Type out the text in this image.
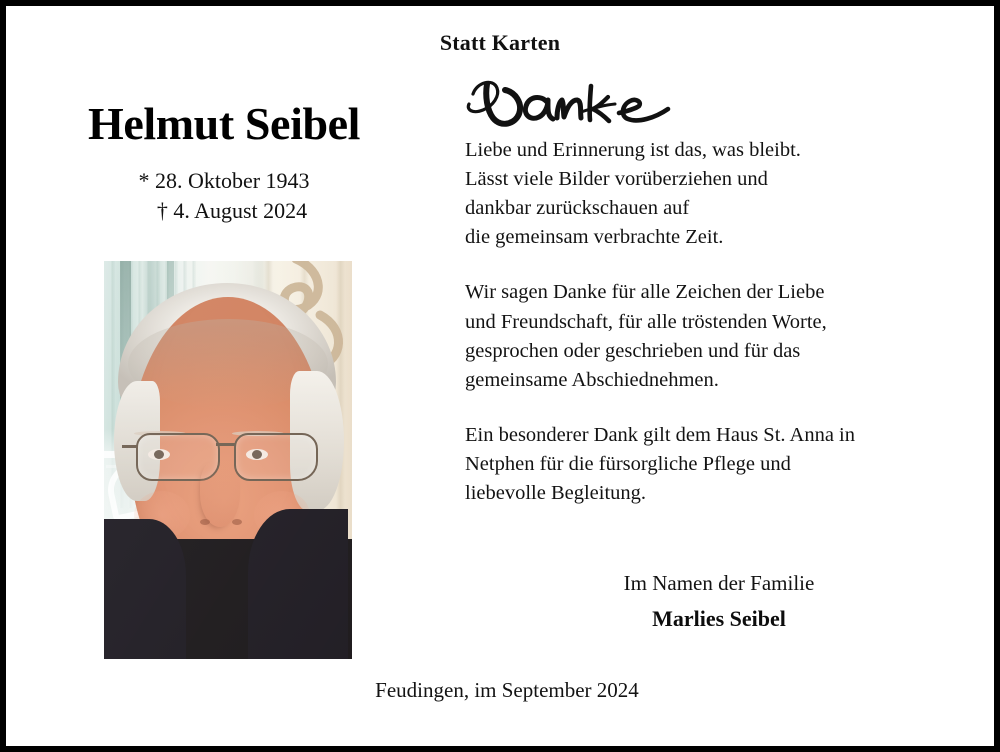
Statt Karten
Helmut Seibel
* 28. Oktober 1943
† 4. August 2024
Liebe und Erinnerung ist das, was bleibt.
Lässt viele Bilder vorüberziehen und
dankbar zurückschauen auf
die gemeinsam verbrachte Zeit.
Wir sagen Danke für alle Zeichen der Liebe
und Freundschaft, für alle tröstenden Worte,
gesprochen oder geschrieben und für das
gemeinsame Abschiednehmen.
Ein besonderer Dank gilt dem Haus St. Anna in
Netphen für die fürsorgliche Pflege und
liebevolle Begleitung.
Im Namen der Familie
Marlies Seibel
Feudingen, im September 2024
